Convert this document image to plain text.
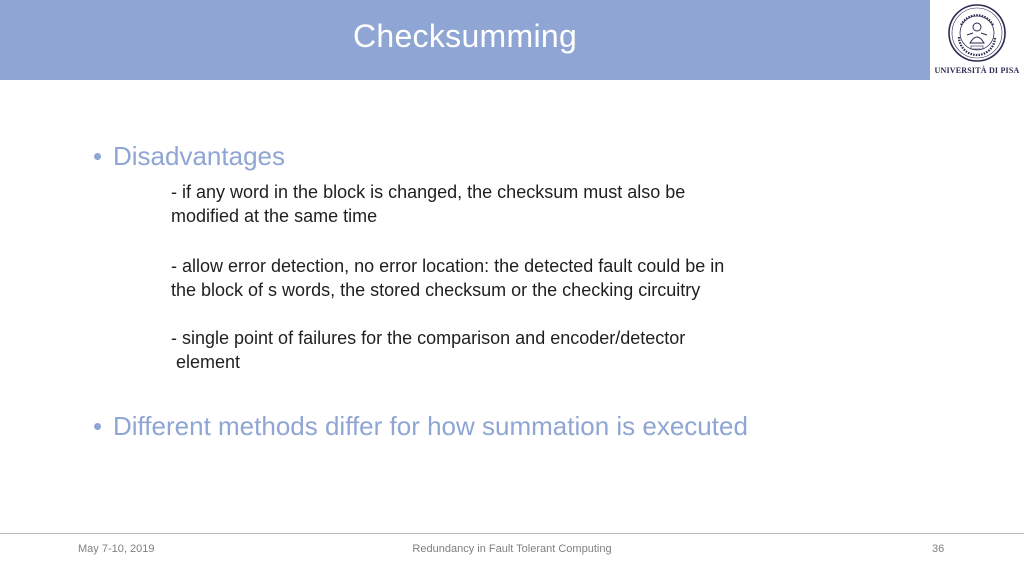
Checksumming
UNIVERSITÀ DI PISA
• Disadvantages
- if any word in the block is changed, the checksum must also be
modified at the same time
- allow error detection, no error location: the detected fault could be in
the block of s words, the stored checksum or the checking circuitry
- single point of failures for the comparison and encoder/detector
element
• Different methods differ for how summation is executed
May 7-10, 2019	Redundancy in Fault Tolerant Computing	36
